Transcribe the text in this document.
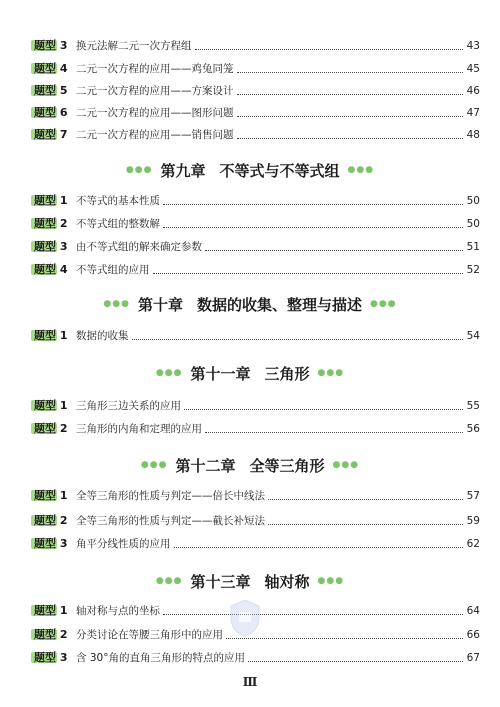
题型 3 换元法解二元一次方程组	43
题型 4 二元一次方程的应用——鸡兔同笼	45
题型 5 二元一次方程的应用——方案设计	46
题型 6 二元一次方程的应用——图形问题	47
题型 7 二元一次方程的应用——销售问题	48
●●● 第九章 不等式与不等式组 ●●●
题型 1 不等式的基本性质	50
题型 2 不等式组的整数解	50
题型 3 由不等式组的解来确定参数	51
题型 4 不等式组的应用	52
●●● 第十章 数据的收集、整理与描述 ●●●
题型 1 数据的收集	54
●●● 第十一章 三角形 ●●●
题型 1 三角形三边关系的应用	55
题型 2 三角形的内角和定理的应用	56
●●● 第十二章 全等三角形 ●●●
题型 1 全等三角形的性质与判定——倍长中线法	57
题型 2 全等三角形的性质与判定——截长补短法	59
题型 3 角平分线性质的应用	62
●●● 第十三章 轴对称 ●●●
题型 1 轴对称与点的坐标	64
题型 2 分类讨论在等腰三角形中的应用	66
题型 3 含 30°角的直角三角形的特点的应用	67
Ⅲ
